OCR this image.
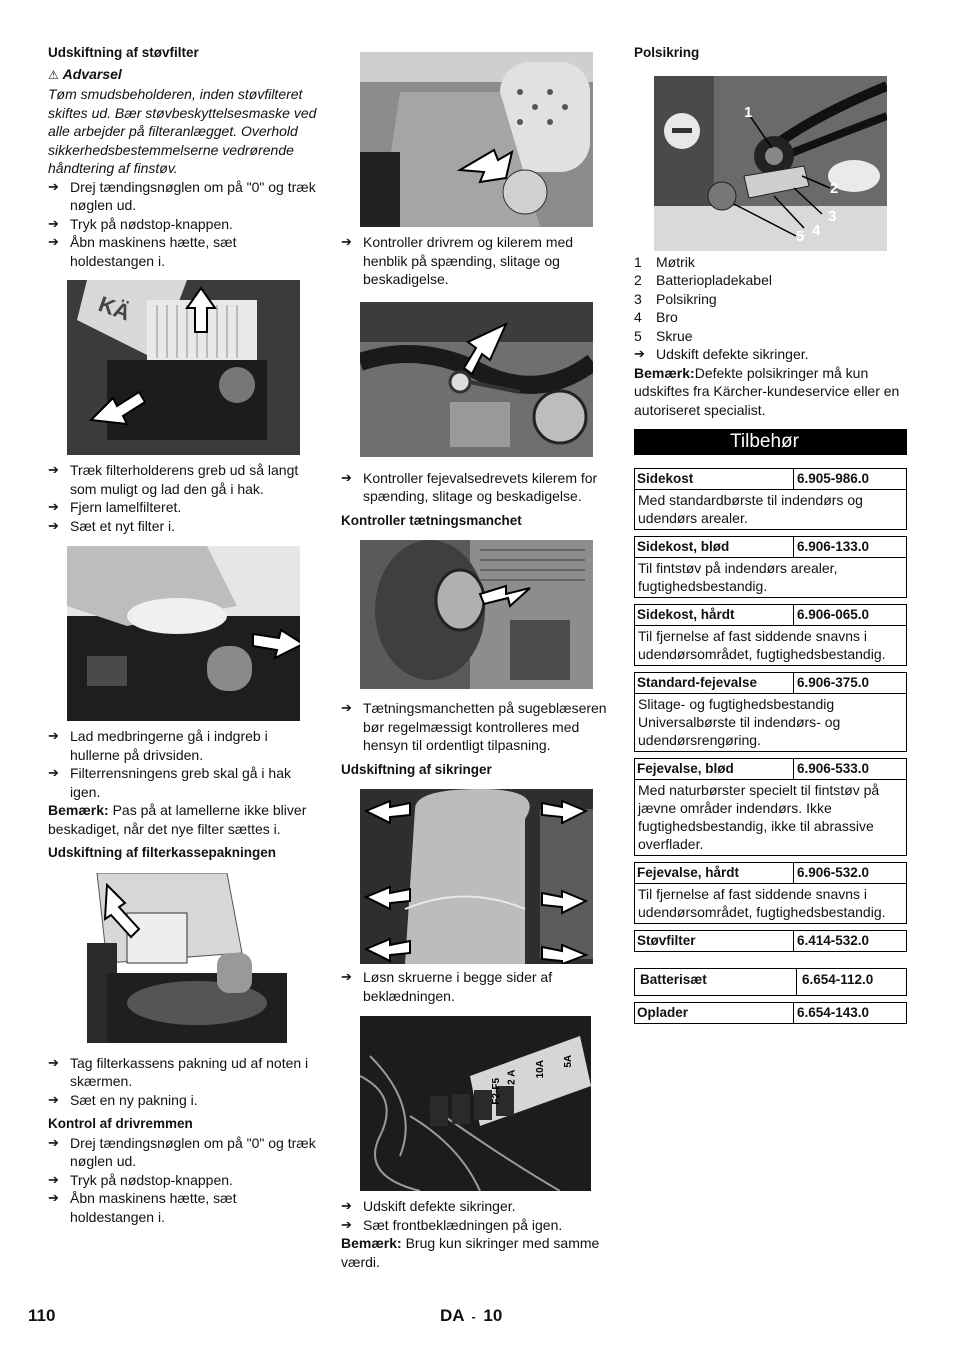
Udskiftning af støvfilter

⚠ Advarsel

Tøm smudsbeholderen, inden støvfilteret skiftes ud. Bær støvbeskyttelsesmaske ved alle arbejder på filteranlægget. Overhold sikkerhedsbestemmelserne vedrørende håndtering af finstøv.

➔ Drej tændingsnøglen om på "0" og træk nøglen ud.

➔ Tryk på nødstop-knappen.

➔ Åbn maskinens hætte, sæt holdestangen i.

KÄ

➔ Træk filterholderens greb ud så langt som muligt og lad den gå i hak.

➔ Fjern lamelfilteret.

➔ Sæt et nyt filter i.

➔ Lad medbringerne gå i indgreb i hullerne på drivsiden.

➔ Filterrensningens greb skal gå i hak igen.

Bemærk: Pas på at lamellerne ikke bliver beskadiget, når det nye filter sættes i.

Udskiftning af filterkassepakningen

➔ Tag filterkassens pakning ud af noten i skærmen.

➔ Sæt en ny pakning i.

Kontrol af drivremmen

➔ Drej tændingsnøglen om på "0" og træk nøglen ud.

➔ Tryk på nødstop-knappen.

➔ Åbn maskinens hætte, sæt holdestangen i.

➔ Kontroller drivrem og kilerem med henblik på spænding, slitage og beskadigelse.

➔ Kontroller fejevalsedrevets kilerem for spænding, slitage og beskadigelse.

Kontroller tætningsmanchet

➔ Tætningsmanchetten på sugeblæseren bør regelmæssigt kontrolleres med hensyn til ordentligt tilpasning.

Udskiftning af sikringer

➔ Løsn skruerne i begge sider af beklædningen.

F2-F5
2 A	10A	5A

➔ Udskift defekte sikringer.

➔ Sæt frontbeklædningen på igen.

Bemærk: Brug kun sikringer med samme værdi.

Polsikring

1
2
3
4
5

1 Møtrik

2 Batteriopladekabel

3 Polsikring

4 Bro

5 Skrue

➔ Udskift defekte sikringer.

Bemærk:Defekte polsikringer må kun udskiftes fra Kärcher-kundeservice eller en autoriseret specialist.

Tilbehør
Sidekost	6.905-986.0
Med standardbørste til indendørs og udendørs arealer.
Sidekost, blød	6.906-133.0
Til fintstøv på indendørs arealer, fugtighedsbestandig.
Sidekost, hårdt	6.906-065.0
Til fjernelse af fast siddende snavns i udendørsområdet, fugtighedsbestandig.
Standard-fejevalse	6.906-375.0
Slitage- og fugtighedsbestandig Universalbørste til indendørs- og udendørsrengøring.
Fejevalse, blød	6.906-533.0
Med naturbørster specielt til fintstøv på jævne områder indendørs. Ikke fugtighedsbestandig, ikke til abrassive overflader.
Fejevalse, hårdt	6.906-532.0
Til fjernelse af fast siddende snavns i udendørsområdet, fugtighedsbestandig.
Støvfilter	6.414-532.0
Batterisæt	6.654-112.0
Oplader	6.654-143.0
110	DA - 10
